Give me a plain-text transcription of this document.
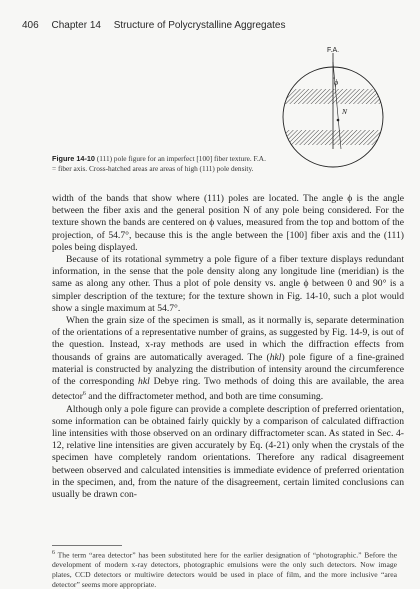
406 Chapter 14 Structure of Polycrystalline Aggregates
F.A.
ϕ
N
Figure 14-10 (111) pole figure for an imperfect [100] fiber texture. F.A. = fiber axis. Cross-hatched areas are areas of high (111) pole density.

width of the bands that show where (111) poles are located. The angle ϕ is the angle between the fiber axis and the general position N of any pole being considered. For the texture shown the bands are centered on ϕ values, measured from the top and bottom of the projection, of 54.7°, because this is the angle between the [100] fiber axis and the (111) poles being displayed.

Because of its rotational symmetry a pole figure of a fiber texture displays redundant information, in the sense that the pole density along any longitude line (meridian) is the same as along any other. Thus a plot of pole density vs. angle ϕ between 0 and 90° is a simpler description of the texture; for the texture shown in Fig. 14-10, such a plot would show a single maximum at 54.7°.

When the grain size of the specimen is small, as it normally is, separate determination of the orientations of a representative number of grains, as suggested by Fig. 14-9, is out of the question. Instead, x-ray methods are used in which the diffraction effects from thousands of grains are automatically averaged. The (hkl) pole figure of a fine-grained material is constructed by analyzing the distribution of intensity around the circumference of the corresponding hkl Debye ring. Two methods of doing this are available, the area detector$^6$ and the diffractometer method, and both are time consuming.

Although only a pole figure can provide a complete description of preferred orientation, some information can be obtained fairly quickly by a comparison of calculated diffraction line intensities with those observed on an ordinary diffractometer scan. As stated in Sec. 4-12, relative line intensities are given accurately by Eq. (4-21) only when the crystals of the specimen have completely random orientations. Therefore any radical disagreement between observed and calculated intensities is immediate evidence of preferred orientation in the specimen, and, from the nature of the disagreement, certain limited conclusions can usually be drawn con-

$^6$ The term “area detector” has been substituted here for the earlier designation of “photographic.” Before the development of modern x-ray detectors, photographic emulsions were the only such detectors. Now image plates, CCD detectors or multiwire detectors would be used in place of film, and the more inclusive “area detector” seems more appropriate.
